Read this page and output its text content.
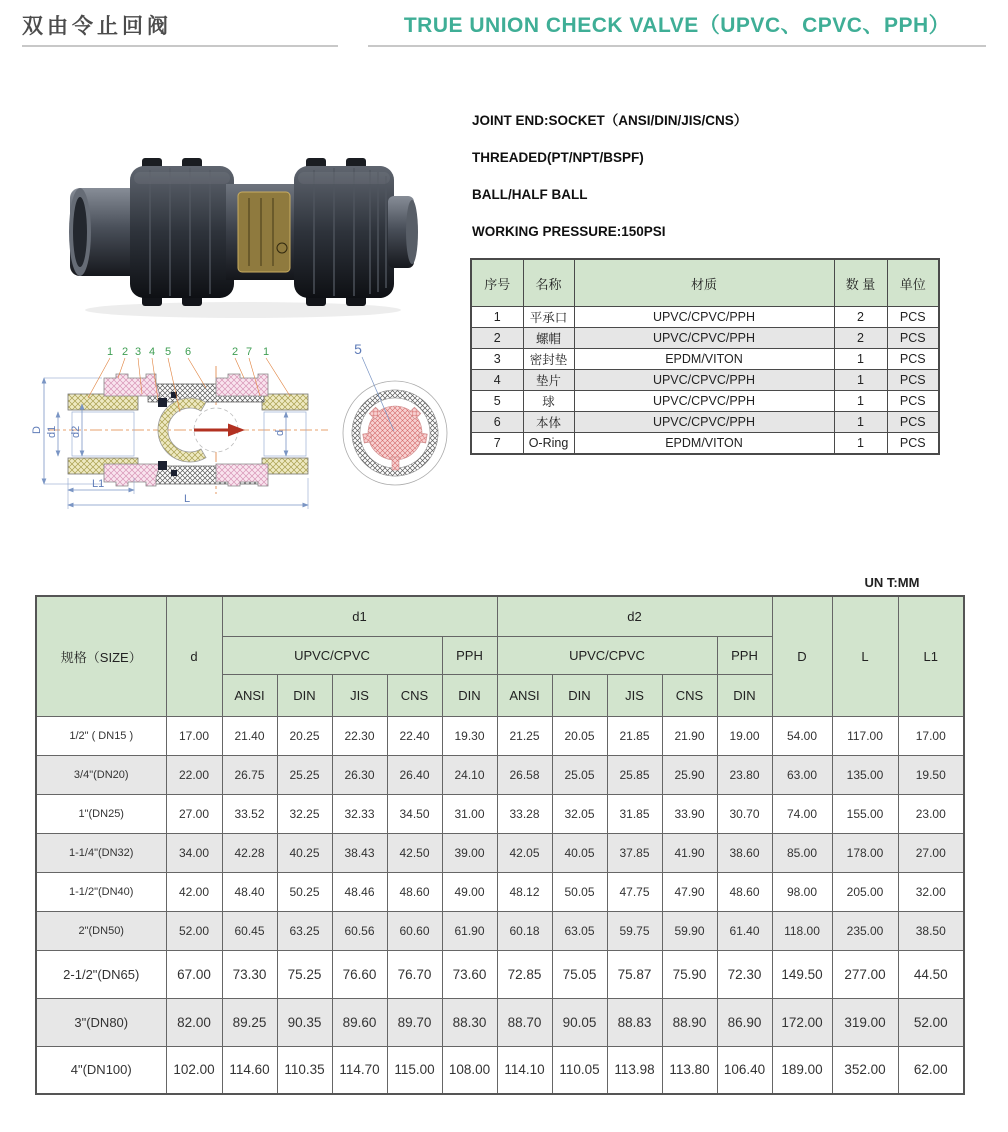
双由令止回阀	TRUE UNION CHECK VALVE（UPVC、CPVC、PPH）

JOINT END:SOCKET（ANSI/DIN/JIS/CNS）

THREADED(PT/NPT/BSPF)

BALL/HALF BALL

WORKING PRESSURE:150PSI

序号	名称	材质	数 量	单位
1	平承口	UPVC/CPVC/PPH	2	PCS
2	螺帽	UPVC/CPVC/PPH	2	PCS
3	密封垫	EPDM/VITON	1	PCS
4	垫片	UPVC/CPVC/PPH	1	PCS
5	球	UPVC/CPVC/PPH	1	PCS
6	本体	UPVC/CPVC/PPH	1	PCS
7	O-Ring	EPDM/VITON	1	PCS
D d1 d2	d
L1
L
1 2 3 4 5 6	2 7 1	5
UN T:MM
规格（SIZE）	d	d1					d2					D	L	L1
		UPVC/CPVC				PPH	UPVC/CPVC				PPH			
		ANSI	DIN	JIS	CNS	DIN	ANSI	DIN	JIS	CNS	DIN			
1/2" ( DN15 )	17.00	21.40	20.25	22.30	22.40	19.30	21.25	20.05	21.85	21.90	19.00	54.00	117.00	17.00
3/4"(DN20)	22.00	26.75	25.25	26.30	26.40	24.10	26.58	25.05	25.85	25.90	23.80	63.00	135.00	19.50
1"(DN25)	27.00	33.52	32.25	32.33	34.50	31.00	33.28	32.05	31.85	33.90	30.70	74.00	155.00	23.00
1-1/4"(DN32)	34.00	42.28	40.25	38.43	42.50	39.00	42.05	40.05	37.85	41.90	38.60	85.00	178.00	27.00
1-1/2"(DN40)	42.00	48.40	50.25	48.46	48.60	49.00	48.12	50.05	47.75	47.90	48.60	98.00	205.00	32.00
2"(DN50)	52.00	60.45	63.25	60.56	60.60	61.90	60.18	63.05	59.75	59.90	61.40	118.00	235.00	38.50
2-1/2"(DN65)	67.00	73.30	75.25	76.60	76.70	73.60	72.85	75.05	75.87	75.90	72.30	149.50	277.00	44.50
3"(DN80)	82.00	89.25	90.35	89.60	89.70	88.30	88.70	90.05	88.83	88.90	86.90	172.00	319.00	52.00
4"(DN100)	102.00	114.60	110.35	114.70	115.00	108.00	114.10	110.05	113.98	113.80	106.40	189.00	352.00	62.00
